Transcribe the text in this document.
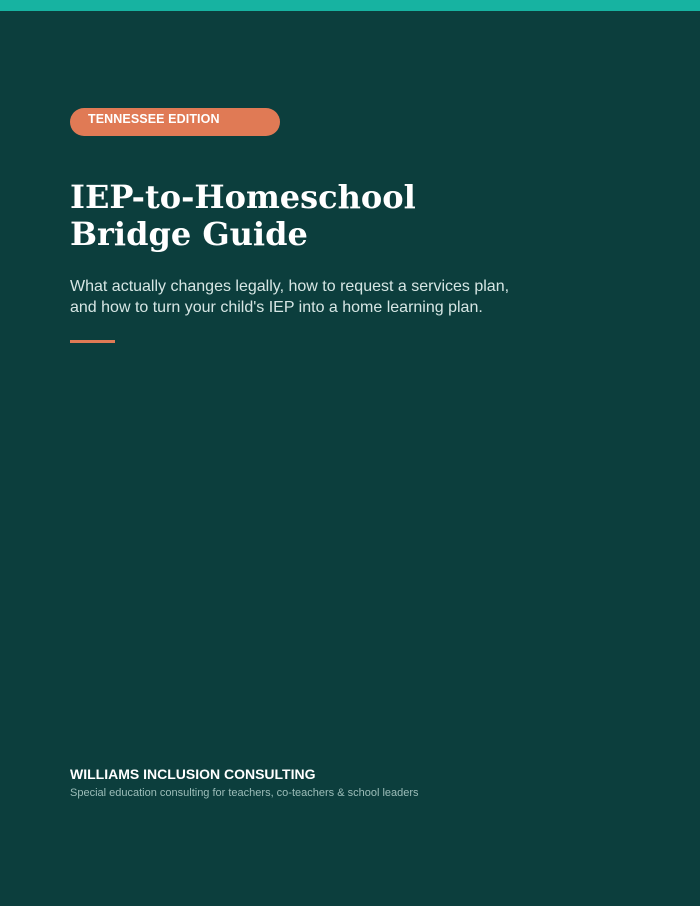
TENNESSEE EDITION
IEP-to-Homeschool
Bridge Guide

What actually changes legally, how to request a services plan,
and how to turn your child's IEP into a home learning plan.

WILLIAMS INCLUSION CONSULTING

Special education consulting for teachers, co-teachers & school leaders
